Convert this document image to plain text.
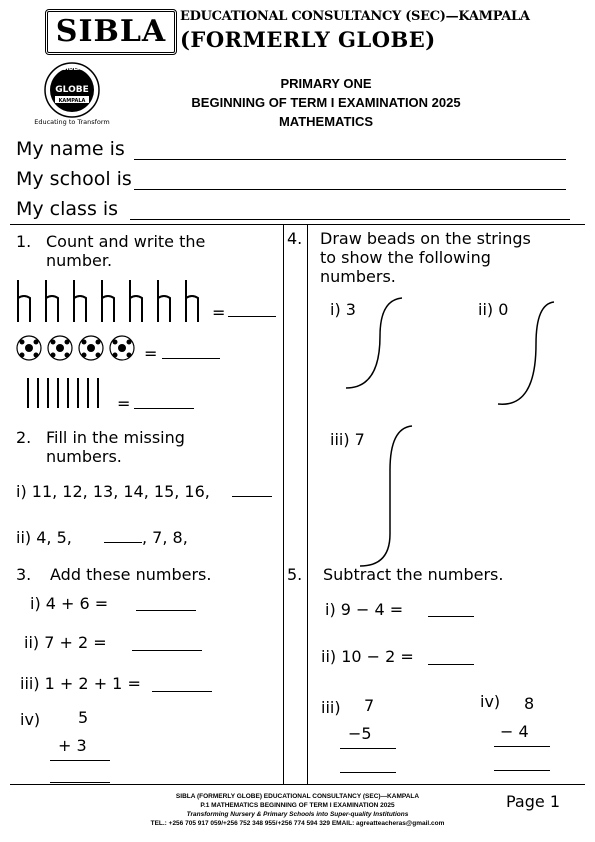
SIBLA	EDUCATIONAL CONSULTANCY (SEC)—KAMPALA
(FORMERLY GLOBE)
SIBLA
GLOBE
KAMPALA
Educating to Transform
PRIMARY ONE
BEGINNING OF TERM I EXAMINATION 2025
MATHEMATICS
My name is
My school is
My class is
1. Count and write the
number.
=
=
=
2. Fill in the missing
numbers.
i) 11, 12, 13, 14, 15, 16,
ii) 4, 5,	, 7, 8,
3. Add these numbers.
i) 4 + 6 =
ii) 7 + 2 =
iii) 1 + 2 + 1 =
iv) 5
+ 3
4. Draw beads on the strings
to show the following
numbers.
i) 3	ii) 0
iii) 7
5. Subtract the numbers.
i) 9 − 4 =
ii) 10 − 2 =
iii) 7
−5
iv) 8
− 4
SIBLA (FORMERLY GLOBE) EDUCATIONAL CONSULTANCY (SEC)—KAMPALA
P.1 MATHEMATICS BEGINNING OF TERM I EXAMINATION 2025
Transforming Nursery & Primary Schools into Super-quality Institutions
TEL.: +256 705 917 059/+256 752 348 955/+256 774 594 329 EMAIL: agreatteacheras@gmail.com
Page 1
